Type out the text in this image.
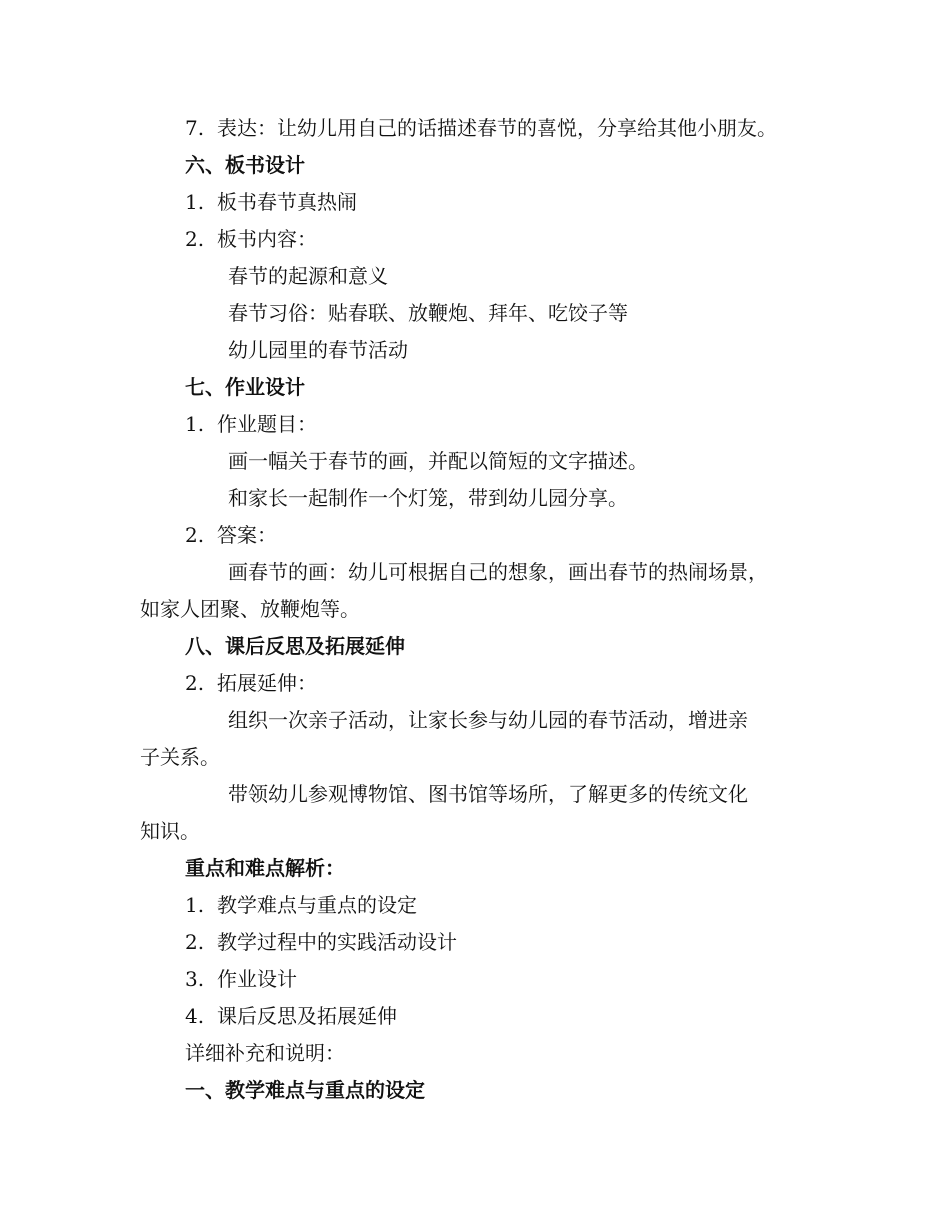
7. 表达：让幼儿用自己的话描述春节的喜悦，分享给其他小朋友。
六、板书设计
1. 板书春节真热闹
2. 板书内容：
春节的起源和意义
春节习俗：贴春联、放鞭炮、拜年、吃饺子等
幼儿园里的春节活动
七、作业设计
1. 作业题目：
画一幅关于春节的画，并配以简短的文字描述。
和家长一起制作一个灯笼，带到幼儿园分享。
2. 答案：
画春节的画：幼儿可根据自己的想象，画出春节的热闹场景，
如家人团聚、放鞭炮等。
八、课后反思及拓展延伸
2. 拓展延伸：
组织一次亲子活动，让家长参与幼儿园的春节活动，增进亲
子关系。
带领幼儿参观博物馆、图书馆等场所，了解更多的传统文化
知识。
重点和难点解析：
1. 教学难点与重点的设定
2. 教学过程中的实践活动设计
3. 作业设计
4. 课后反思及拓展延伸
详细补充和说明：
一、教学难点与重点的设定
